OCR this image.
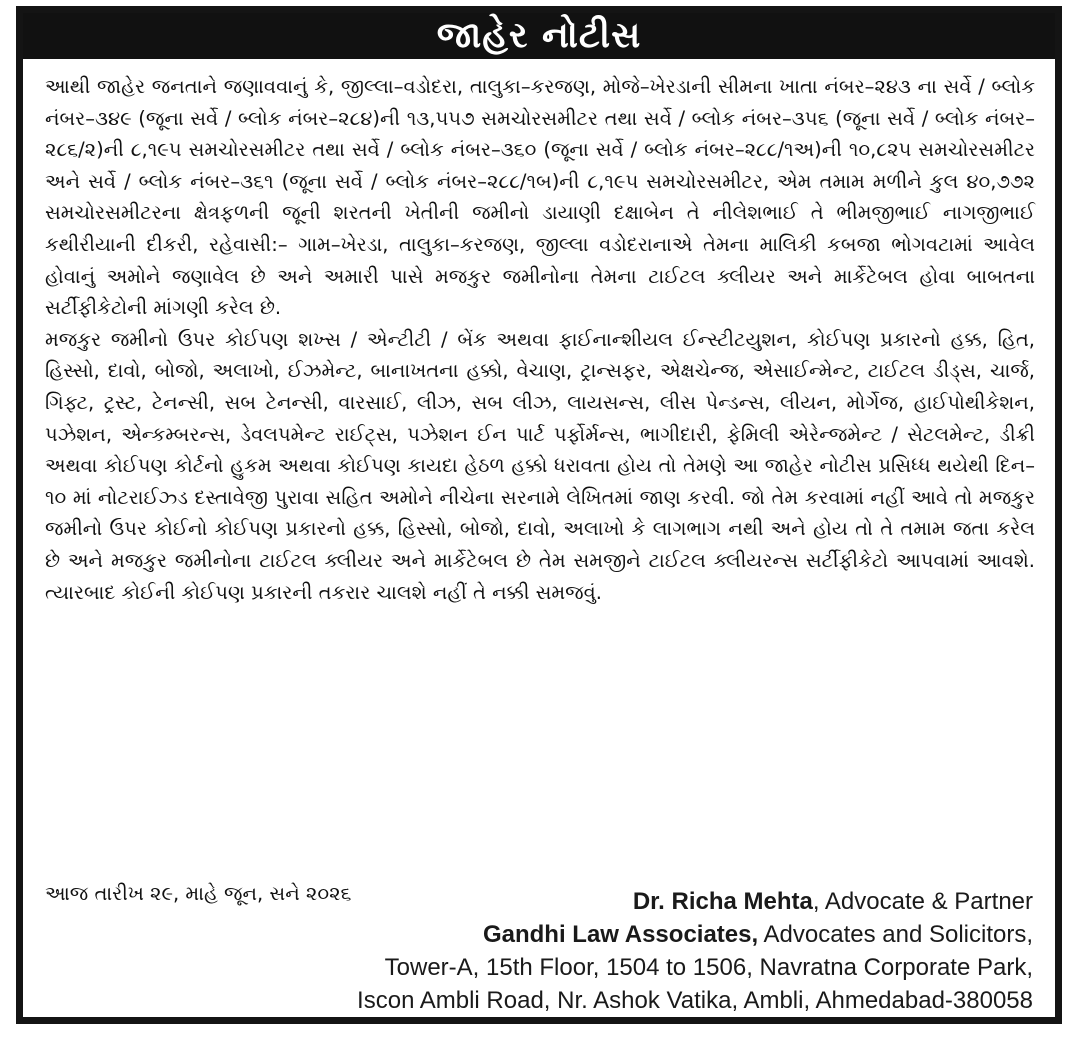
જાહેર નોટીસ

આથી જાહેર જનતાને જણાવવાનું કે, જીલ્લા–વડોદરા, તાલુકા–કરજણ, મોજે–ખેરડાની સીમના ખાતા નંબર–૨૪૩ ના સર્વે / બ્લોક નંબર–૩૪૯ (જૂના સર્વે / બ્લોક નંબર–૨૮૪)ની ૧૩,૫૫૭ સમચોરસમીટર તથા સર્વે / બ્લોક નંબર–૩૫૬ (જૂના સર્વે / બ્લોક નંબર–૨૮૬/૨)ની ૮,૧૯૫ સમચોરસમીટર તથા સર્વે / બ્લોક નંબર–૩૬૦ (જૂના સર્વે / બ્લોક નંબર–૨૮૮/૧અ)ની ૧૦,૮૨૫ સમચોરસમીટર અને સર્વે / બ્લોક નંબર–૩૬૧ (જૂના સર્વે / બ્લોક નંબર–૨૮૮/૧બ)ની ૮,૧૯૫ સમચોરસમીટર, એમ તમામ મળીને કુલ ૪૦,૭૭૨ સમચોરસમીટરના ક્ષેત્રફળની જૂની શરતની ખેતીની જમીનો ડાયાણી દક્ષાબેન તે નીલેશભાઈ તે ભીમજીભાઈ નાગજીભાઈ કથીરીયાની દીકરી, રહેવાસી:– ગામ–ખેરડા, તાલુકા–કરજણ, જીલ્લા વડોદરાનાએ તેમના માલિકી કબજા ભોગવટામાં આવેલ હોવાનું અમોને જણાવેલ છે અને અમારી પાસે મજકુર જમીનોના તેમના ટાઈટલ ક્લીયર અને માર્કેટેબલ હોવા બાબતના સર્ટીફીકેટોની માંગણી કરેલ છે.

મજકુર જમીનો ઉપર કોઈપણ શખ્સ / એન્ટીટી / બેંક અથવા ફાઈનાન્શીયલ ઈન્સ્ટીટયુશન, કોઈપણ પ્રકારનો હક્ક, હિત, હિસ્સો, દાવો, બોજો, અલાખો, ઈઝમેન્ટ, બાનાખતના હક્કો, વેચાણ, ટ્રાન્સફર, એક્ષચેન્જ, એસાઈન્મેન્ટ, ટાઈટલ ડીડ્સ, ચાર્જ, ગિફ્ટ, ટ્રસ્ટ, ટેનન્સી, સબ ટેનન્સી, વારસાઈ, લીઝ, સબ લીઝ, લાયસન્સ, લીસ પેન્ડન્સ, લીયન, મોર્ગેજ, હાઈપોથીકેશન, પઝેશન, એન્કમ્બરન્સ, ડેવલપમેન્ટ રાઈટ્સ, પઝેશન ઈન પાર્ટ પર્ફોર્મન્સ, ભાગીદારી, ફેમિલી એરેન્જમેન્ટ / સેટલમેન્ટ, ડીક્રી અથવા કોઈપણ કોર્ટનો હુકમ અથવા કોઈપણ કાયદા હેઠળ હક્કો ધરાવતા હોય તો તેમણે આ જાહેર નોટીસ પ્રસિધ્ધ થયેથી દિન–૧૦ માં નોટરાઈઝ્ડ દસ્તાવેજી પુરાવા સહિત અમોને નીચેના સરનામે લેખિતમાં જાણ કરવી. જો તેમ કરવામાં નહીં આવે તો મજકુર જમીનો ઉપર કોઈનો કોઈપણ પ્રકારનો હક્ક, હિસ્સો, બોજો, દાવો, અલાખો કે લાગભાગ નથી અને હોય તો તે તમામ જતા કરેલ છે અને મજકુર જમીનોના ટાઈટલ ક્લીયર અને માર્કેટેબલ છે તેમ સમજીને ટાઈટલ ક્લીયરન્સ સર્ટીફીકેટો આપવામાં આવશે. ત્યારબાદ કોઈની કોઈપણ પ્રકારની તકરાર ચાલશે નહીં તે નક્કી સમજવું.

આજ તારીખ ૨૯, માહે જૂન, સને ૨૦૨૬	Dr. Richa Mehta, Advocate & Partner
Gandhi Law Associates, Advocates and Solicitors,
Tower-A, 15th Floor, 1504 to 1506, Navratna Corporate Park,
Iscon Ambli Road, Nr. Ashok Vatika, Ambli, Ahmedabad-380058
